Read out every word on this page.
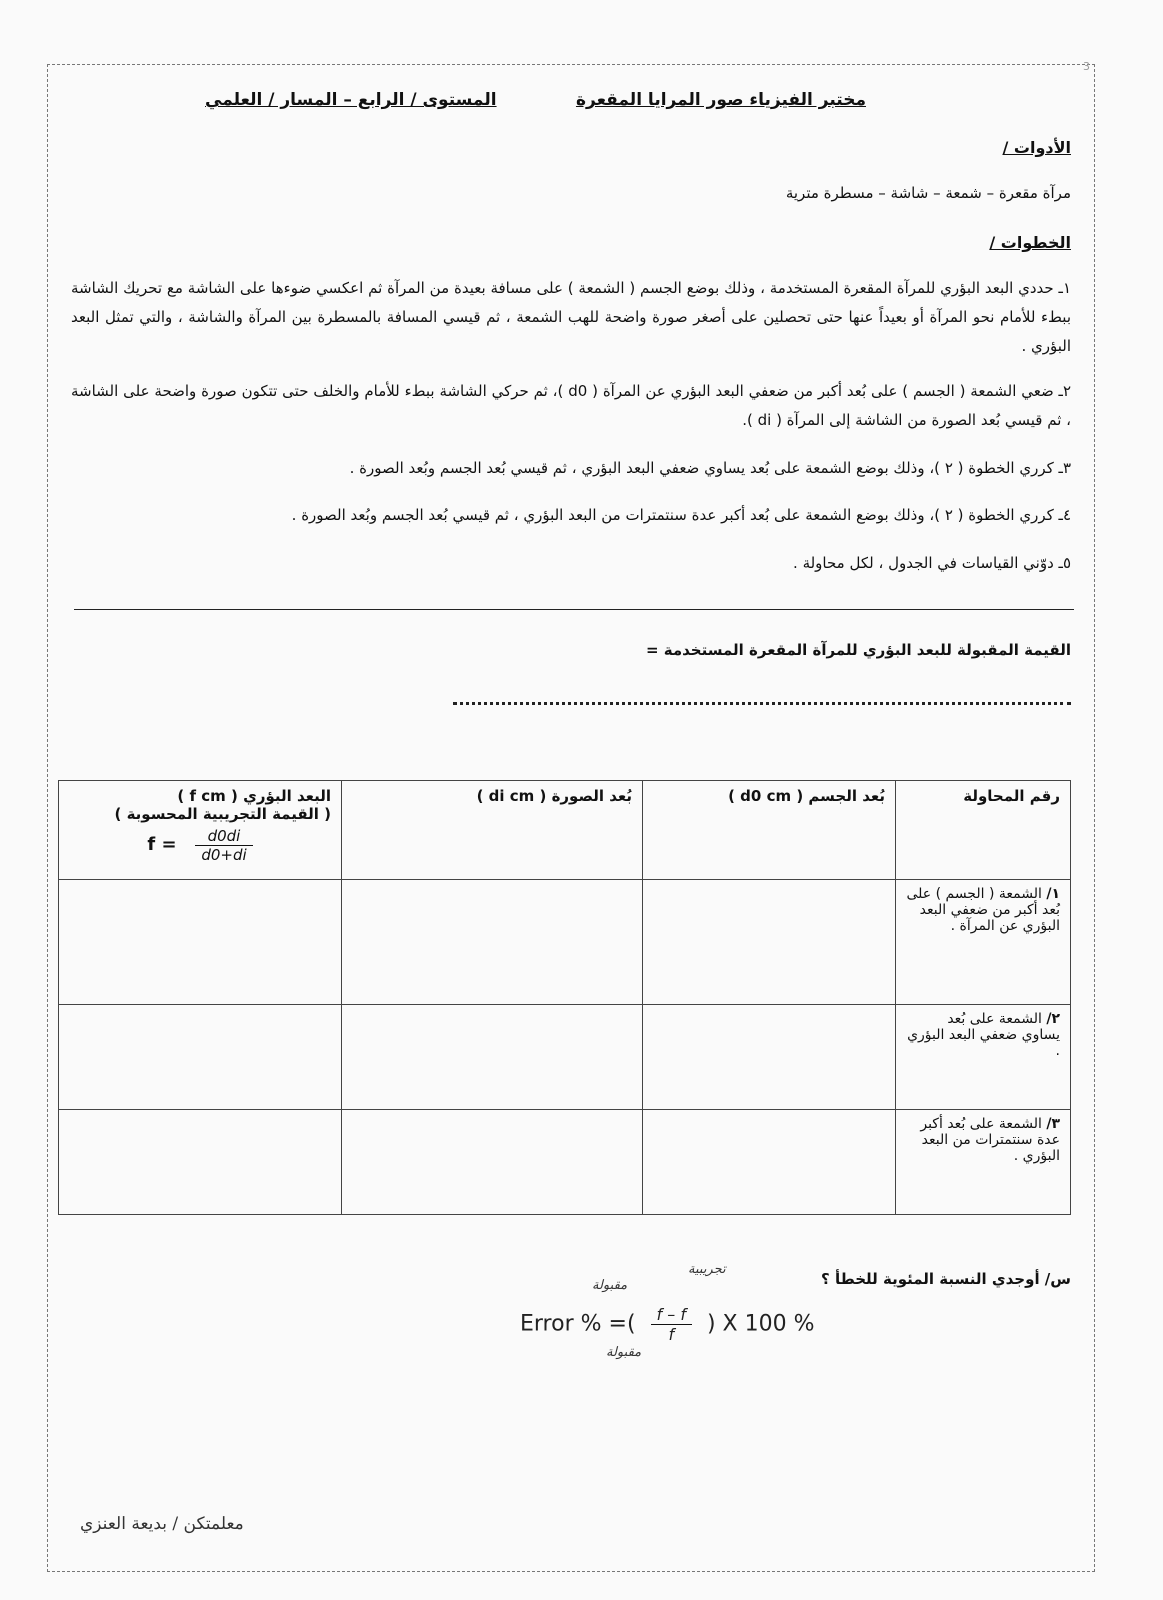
3
مختبر الفيزياء صور المرايا المقعرة
المستوى / الرابع – المسار / العلمي
الأدوات /
مرآة مقعرة – شمعة – شاشة – مسطرة مترية
الخطوات /
١ـ حددي البعد البؤري للمرآة المقعرة المستخدمة ، وذلك بوضع الجسم ( الشمعة ) على مسافة بعيدة من المرآة ثم اعكسي ضوءها على الشاشة مع تحريك الشاشة ببطء للأمام نحو المرآة أو بعيداً عنها حتى تحصلين على أصغر صورة واضحة للهب الشمعة ، ثم قيسي المسافة بالمسطرة بين المرآة والشاشة ، والتي تمثل البعد البؤري .
٢ـ ضعي الشمعة ( الجسم ) على بُعد أكبر من ضعفي البعد البؤري عن المرآة ( d0 )، ثم حركي الشاشة ببطء للأمام والخلف حتى تتكون صورة واضحة على الشاشة ، ثم قيسي بُعد الصورة من الشاشة إلى المرآة ( di ).
٣ـ كرري الخطوة ( ٢ )، وذلك بوضع الشمعة على بُعد يساوي ضعفي البعد البؤري ، ثم قيسي بُعد الجسم وبُعد الصورة .
٤ـ كرري الخطوة ( ٢ )، وذلك بوضع الشمعة على بُعد أكبر عدة سنتمترات من البعد البؤري ، ثم قيسي بُعد الجسم وبُعد الصورة .
٥ـ دوّني القياسات في الجدول ، لكل محاولة .
القيمة المقبولة للبعد البؤري للمرآة المقعرة المستخدمة =
رقم المحاولة	بُعد الجسم ( d0 cm )	بُعد الصورة ( di cm )	البعد البؤري ( f cm )
( القيمة التجريبية المحسوبة )
$f = \frac{d0di}{d0+di}$

١/ الشمعة ( الجسم ) على بُعد أكبر من ضعفي البعد البؤري عن المرآة .			
٢/ الشمعة على بُعد يساوي ضعفي البعد البؤري .			
٣/ الشمعة على بُعد أكبر عدة سنتمترات من البعد البؤري .			
س/ أوجدي النسبة المئوية للخطأ ؟
تجريبية
مقبولة
مقبولة
Error % =( $\frac{f - f}{f}$ ) X 100 %
معلمتكن / بديعة العنزي
